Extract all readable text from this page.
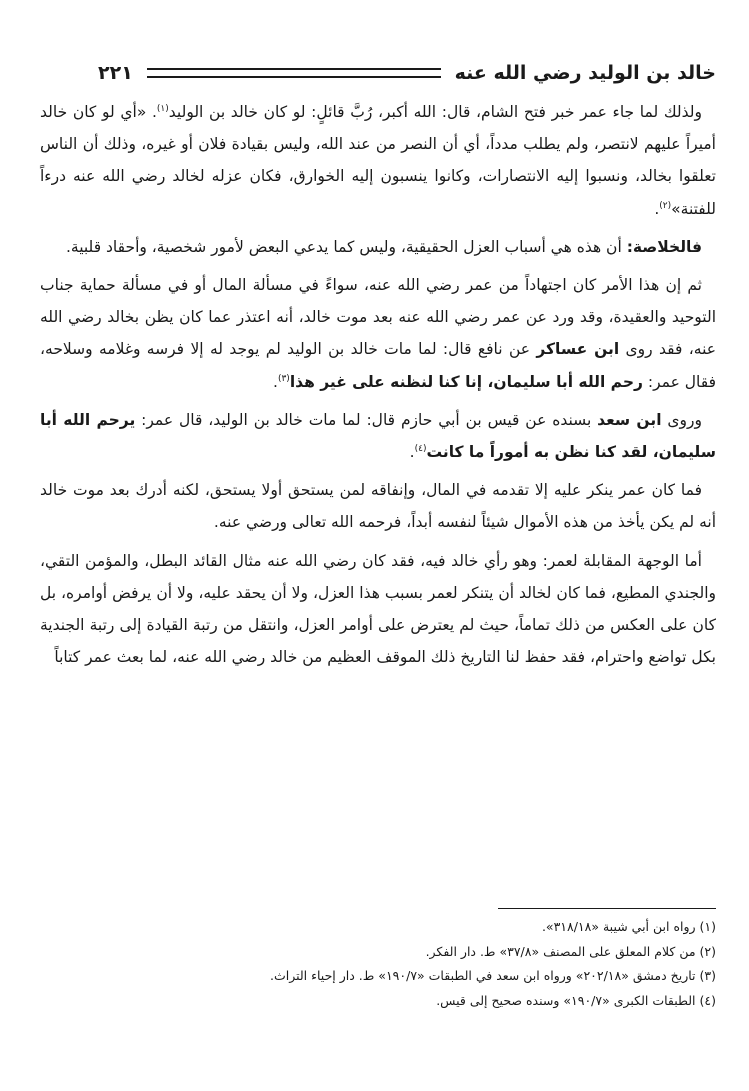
خالد بن الوليد رضي الله عنه
٢٢١

ولذلك لما جاء عمر خبر فتح الشام، قال: الله أكبر، رُبَّ قائلٍ: لو كان خالد بن الوليد$^{(١)}$. «أي لو كان خالد أميراً عليهم لانتصر، ولم يطلب مدداً، أي أن النصر من عند الله، وليس بقيادة فلان أو غيره، وذلك أن الناس تعلقوا بخالد، ونسبوا إليه الانتصارات، وكانوا ينسبون إليه الخوارق، فكان عزله لخالد رضي الله عنه درءاً للفتنة»$^{(٢)}$.

فالخلاصة: أن هذه هي أسباب العزل الحقيقية، وليس كما يدعي البعض لأمور شخصية، وأحقاد قلبية.

ثم إن هذا الأمر كان اجتهاداً من عمر رضي الله عنه، سواءً في مسألة المال أو في مسألة حماية جناب التوحيد والعقيدة، وقد ورد عن عمر رضي الله عنه بعد موت خالد، أنه اعتذر عما كان يظن بخالد رضي الله عنه، فقد روى ابن عساكر عن نافع قال: لما مات خالد بن الوليد لم يوجد له إلا فرسه وغلامه وسلاحه، فقال عمر: رحم الله أبا سليمان، إنا كنا لنظنه على غير هذا$^{(٣)}$.

وروى ابن سعد بسنده عن قيس بن أبي حازم قال: لما مات خالد بن الوليد، قال عمر: يرحم الله أبا سليمان، لقد كنا نظن به أموراً ما كانت$^{(٤)}$.

فما كان عمر ينكر عليه إلا تقدمه في المال، وإنفاقه لمن يستحق أولا يستحق، لكنه أدرك بعد موت خالد أنه لم يكن يأخذ من هذه الأموال شيئاً لنفسه أبداً، فرحمه الله تعالى ورضي عنه.

أما الوجهة المقابلة لعمر: وهو رأي خالد فيه، فقد كان رضي الله عنه مثال القائد البطل، والمؤمن التقي، والجندي المطيع، فما كان لخالد أن يتنكر لعمر بسبب هذا العزل، ولا أن يحقد عليه، ولا أن يرفض أوامره، بل كان على العكس من ذلك تماماً، حيث لم يعترض على أوامر العزل، وانتقل من رتبة القيادة إلى رتبة الجندية بكل تواضع واحترام، فقد حفظ لنا التاريخ ذلك الموقف العظيم من خالد رضي الله عنه، لما بعث عمر كتاباً

(١) رواه ابن أبي شيبة «٣١٨/١٨».
(٢) من كلام المعلق على المصنف «٣٧/٨» ط. دار الفكر.
(٣) تاريخ دمشق «٢٠٢/١٨» ورواه ابن سعد في الطبقات «١٩٠/٧» ط. دار إحياء التراث.
(٤) الطبقات الكبرى «١٩٠/٧» وسنده صحيح إلى قيس.
